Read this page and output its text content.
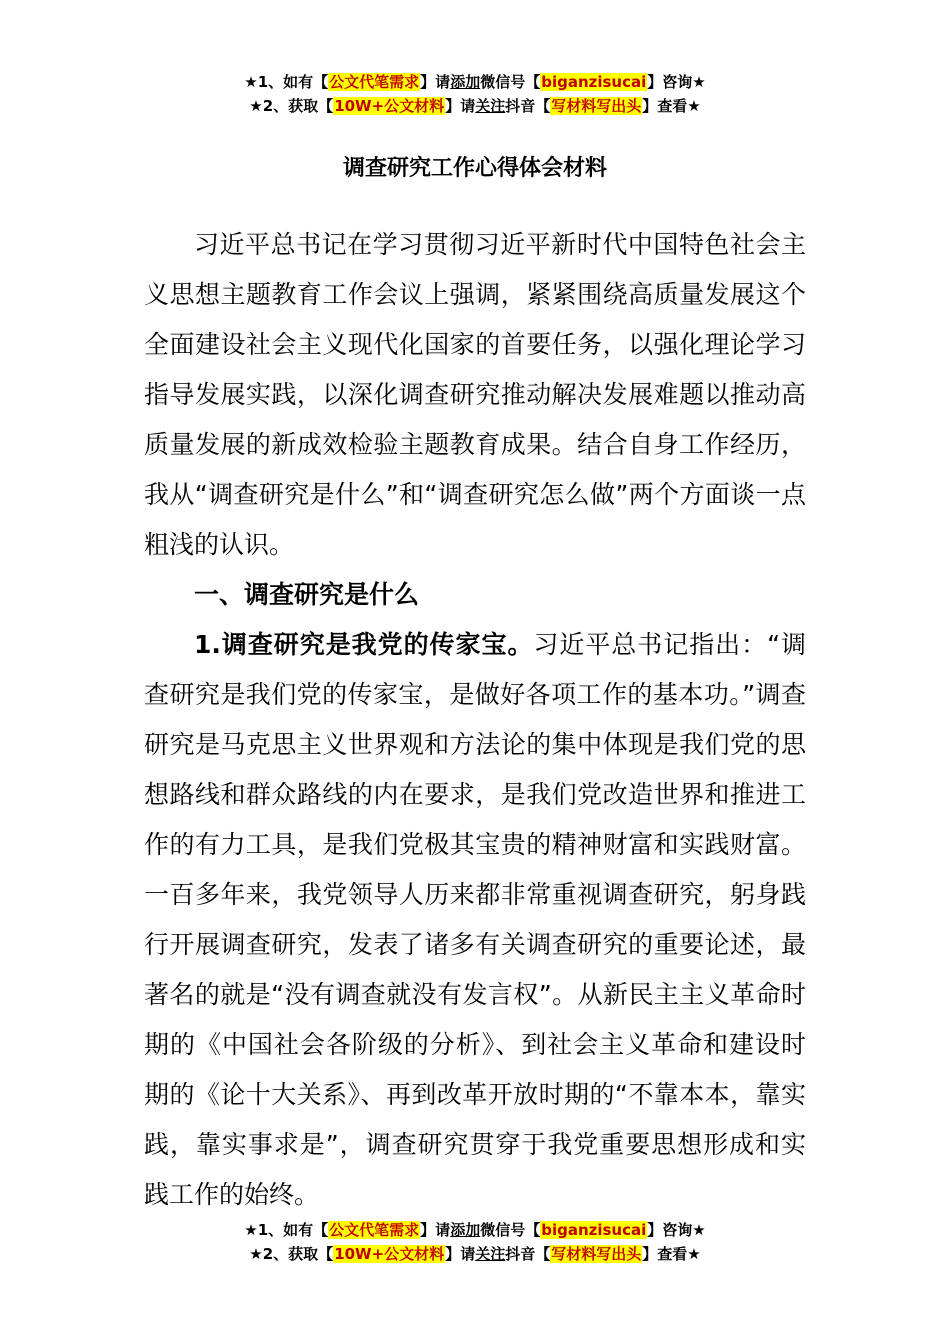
★1、如有【公文代笔需求】请添加微信号【biganzisucai】咨询★
★2、获取【10W+公文材料】请关注抖音【写材料写出头】查看★
调查研究工作心得体会材料

习近平总书记在学习贯彻习近平新时代中国特色社会主义思想主题教育工作会议上强调，紧紧围绕高质量发展这个全面建设社会主义现代化国家的首要任务，以强化理论学习指导发展实践，以深化调查研究推动解决发展难题以推动高质量发展的新成效检验主题教育成果。结合自身工作经历，我从“调查研究是什么”和“调查研究怎么做”两个方面谈一点粗浅的认识。

一、调查研究是什么

1.调查研究是我党的传家宝。习近平总书记指出：“调查研究是我们党的传家宝，是做好各项工作的基本功。”调查研究是马克思主义世界观和方法论的集中体现是我们党的思想路线和群众路线的内在要求，是我们党改造世界和推进工作的有力工具，是我们党极其宝贵的精神财富和实践财富。一百多年来，我党领导人历来都非常重视调查研究，躬身践行开展调查研究，发表了诸多有关调查研究的重要论述，最著名的就是“没有调查就没有发言权”。从新民主主义革命时期的《中国社会各阶级的分析》、到社会主义革命和建设时期的《论十大关系》、再到改革开放时期的“不靠本本，靠实践，靠实事求是”，调查研究贯穿于我党重要思想形成和实践工作的始终。

★1、如有【公文代笔需求】请添加微信号【biganzisucai】咨询★
★2、获取【10W+公文材料】请关注抖音【写材料写出头】查看★
